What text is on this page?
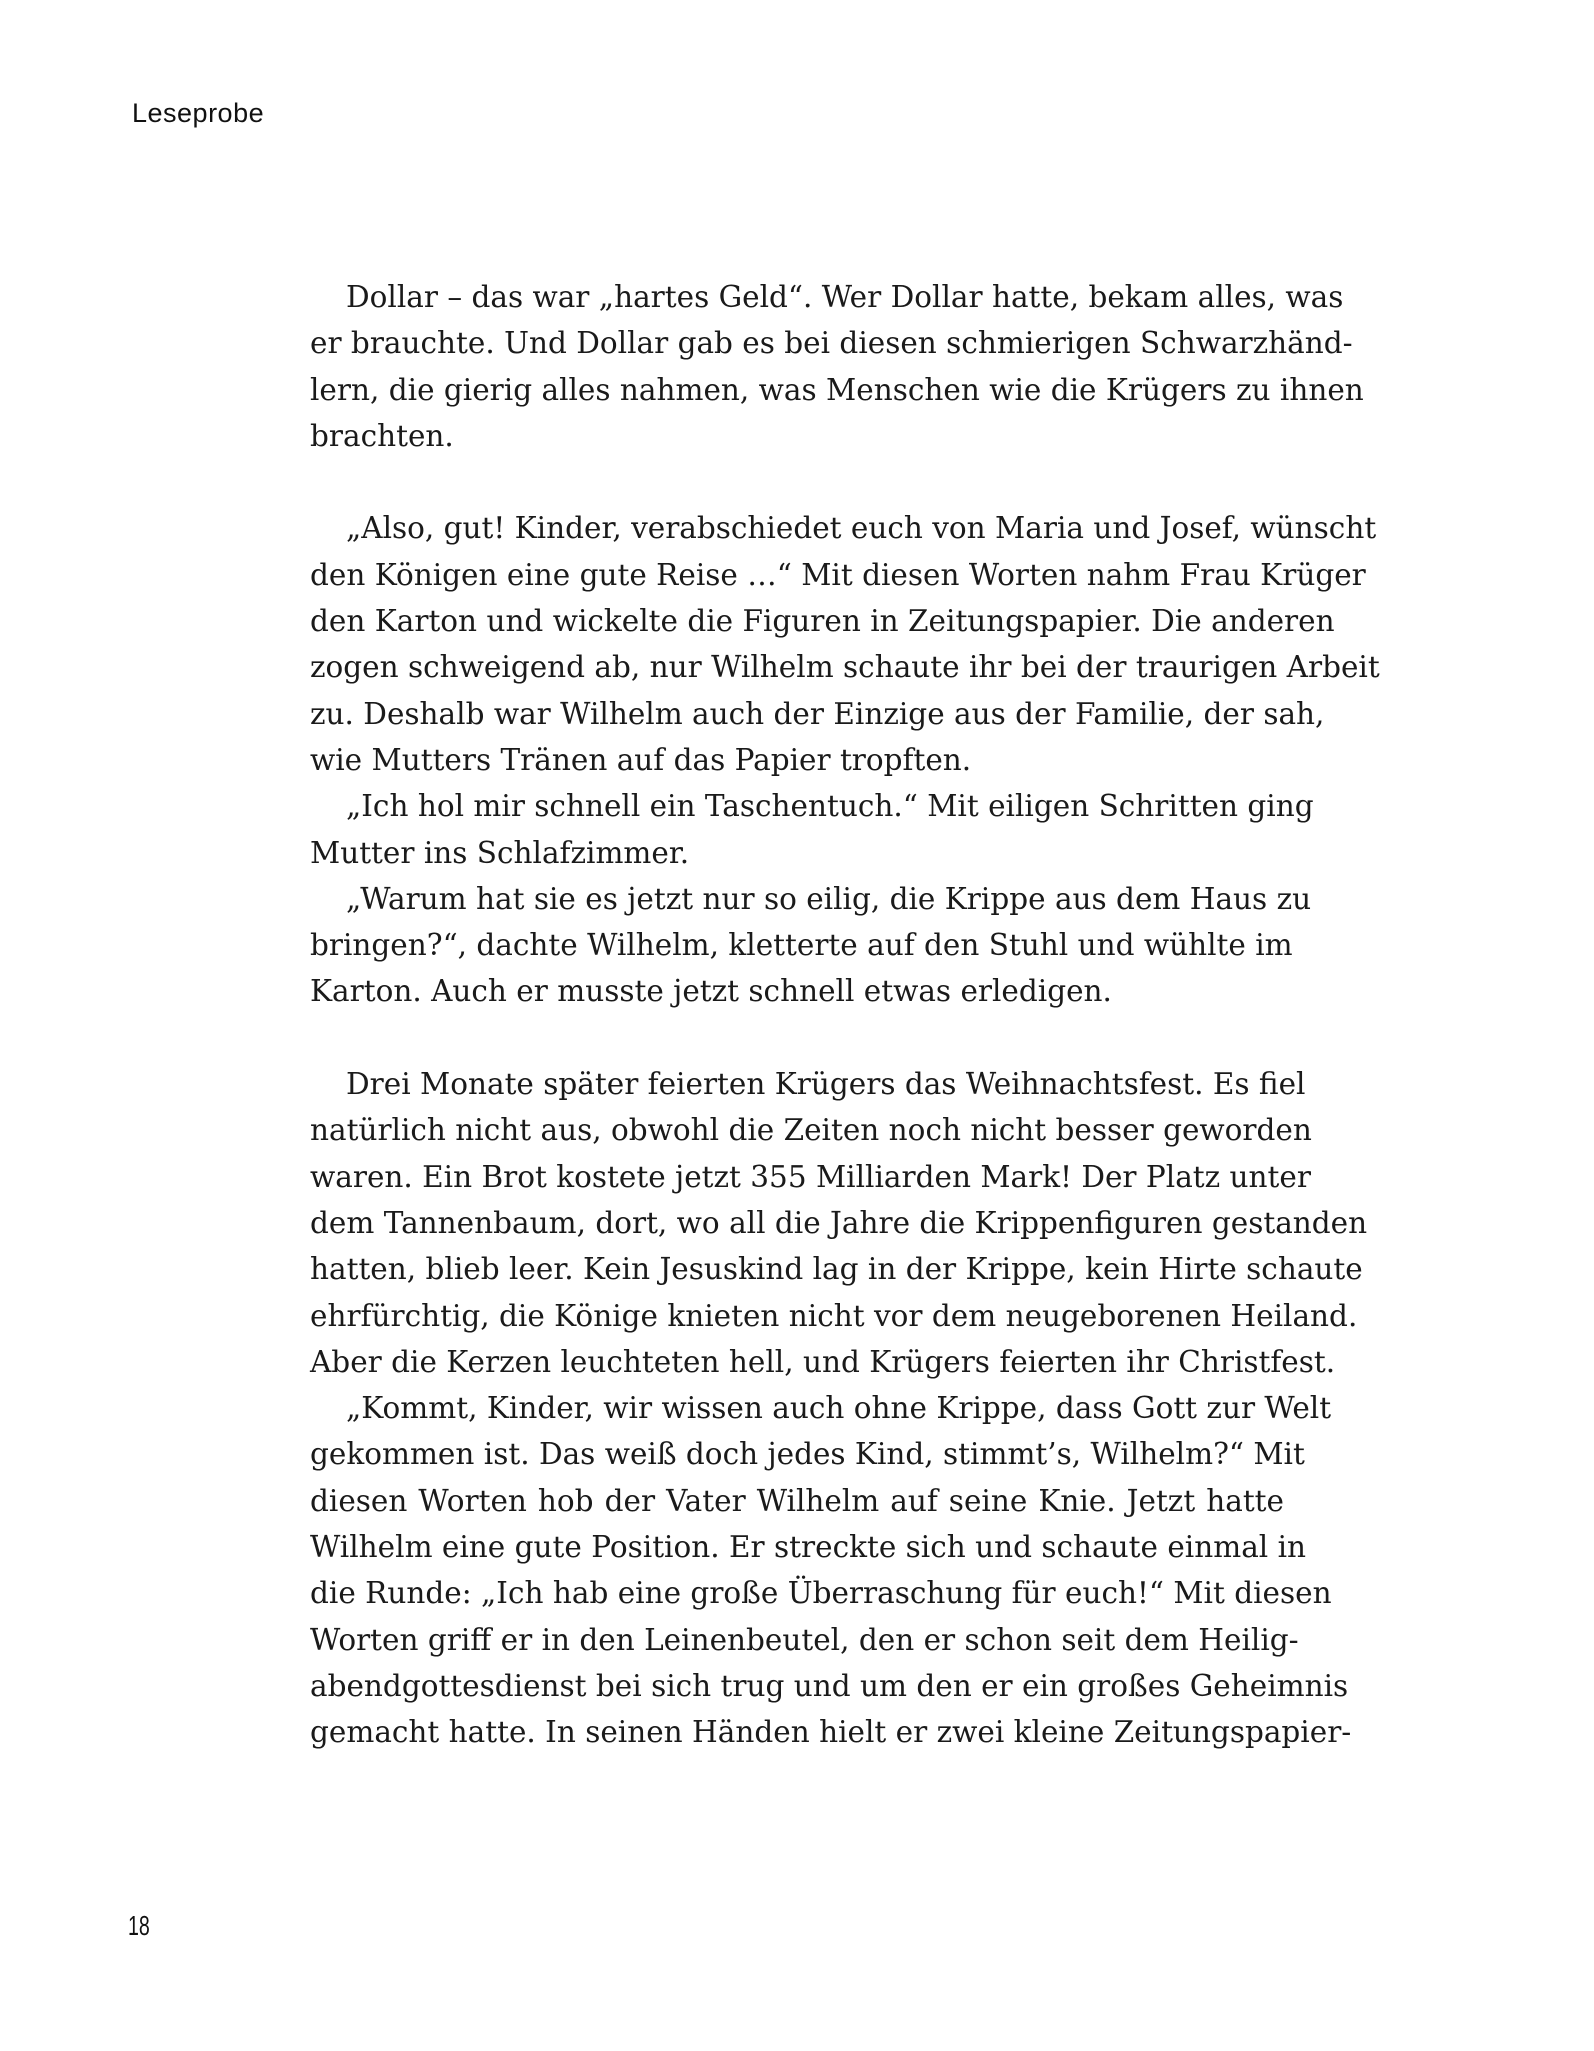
Leseprobe
Dollar – das war „hartes Geld“. Wer Dollar hatte, bekam alles, was
er brauchte. Und Dollar gab es bei diesen schmierigen Schwarzhänd-
lern, die gierig alles nahmen, was Menschen wie die Krügers zu ihnen
brachten.
„Also, gut! Kinder, verabschiedet euch von Maria und Josef, wünscht
den Königen eine gute Reise …“ Mit diesen Worten nahm Frau Krüger
den Karton und wickelte die Figuren in Zeitungspapier. Die anderen
zogen schweigend ab, nur Wilhelm schaute ihr bei der traurigen Arbeit
zu. Deshalb war Wilhelm auch der Einzige aus der Familie, der sah,
wie Mutters Tränen auf das Papier tropften.
„Ich hol mir schnell ein Taschentuch.“ Mit eiligen Schritten ging
Mutter ins Schlafzimmer.
„Warum hat sie es jetzt nur so eilig, die Krippe aus dem Haus zu
bringen?“, dachte Wilhelm, kletterte auf den Stuhl und wühlte im
Karton. Auch er musste jetzt schnell etwas erledigen.
Drei Monate später feierten Krügers das Weihnachtsfest. Es fiel
natürlich nicht aus, obwohl die Zeiten noch nicht besser geworden
waren. Ein Brot kostete jetzt 355 Milliarden Mark! Der Platz unter
dem Tannenbaum, dort, wo all die Jahre die Krippenfiguren gestanden
hatten, blieb leer. Kein Jesuskind lag in der Krippe, kein Hirte schaute
ehrfürchtig, die Könige knieten nicht vor dem neugeborenen Heiland.
Aber die Kerzen leuchteten hell, und Krügers feierten ihr Christfest.
„Kommt, Kinder, wir wissen auch ohne Krippe, dass Gott zur Welt
gekommen ist. Das weiß doch jedes Kind, stimmt’s, Wilhelm?“ Mit
diesen Worten hob der Vater Wilhelm auf seine Knie. Jetzt hatte
Wilhelm eine gute Position. Er streckte sich und schaute einmal in
die Runde: „Ich hab eine große Überraschung für euch!“ Mit diesen
Worten griff er in den Leinenbeutel, den er schon seit dem Heilig-
abendgottesdienst bei sich trug und um den er ein großes Geheimnis
gemacht hatte. In seinen Händen hielt er zwei kleine Zeitungspapier-
18
